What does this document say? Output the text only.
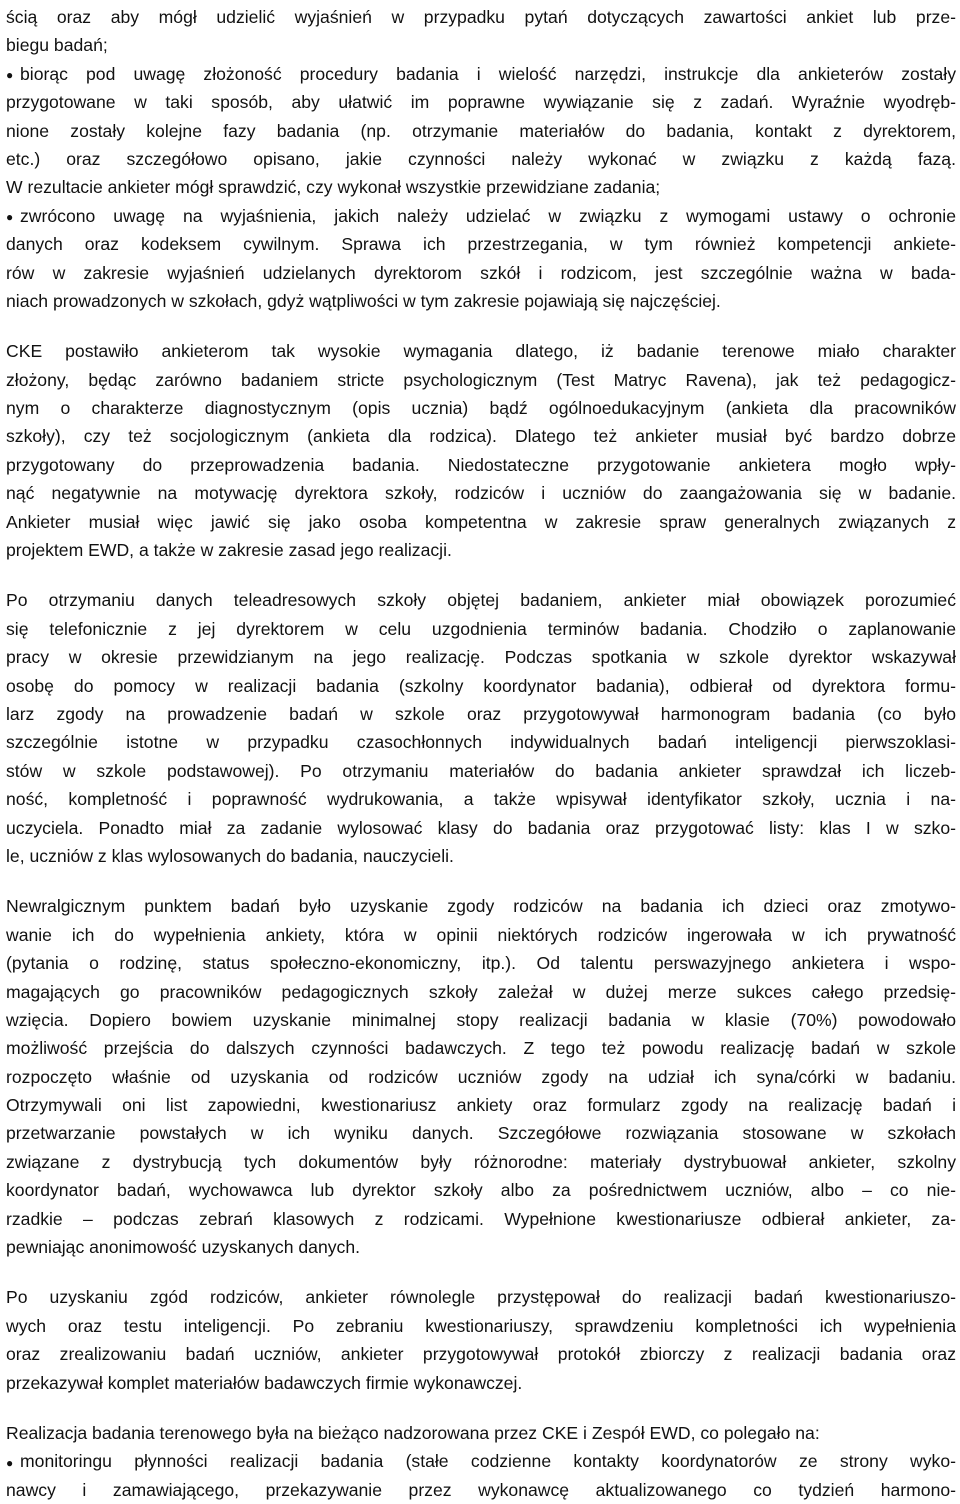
ścią oraz aby mógł udzielić wyjaśnień w przypadku pytań dotyczących zawartości ankiet lub prze-
biegu badań;
● biorąc pod uwagę złożoność procedury badania i wielość narzędzi, instrukcje dla ankieterów zostały
przygotowane w taki sposób, aby ułatwić im poprawne wywiązanie się z zadań. Wyraźnie wyodręb-
nione zostały kolejne fazy badania (np. otrzymanie materiałów do badania, kontakt z dyrektorem,
etc.) oraz szczegółowo opisano, jakie czynności należy wykonać w związku z każdą fazą.
W rezultacie ankieter mógł sprawdzić, czy wykonał wszystkie przewidziane zadania;
● zwrócono uwagę na wyjaśnienia, jakich należy udzielać w związku z wymogami ustawy o ochronie
danych oraz kodeksem cywilnym. Sprawa ich przestrzegania, w tym również kompetencji ankiete-
rów w zakresie wyjaśnień udzielanych dyrektorom szkół i rodzicom, jest szczególnie ważna w bada-
niach prowadzonych w szkołach, gdyż wątpliwości w tym zakresie pojawiają się najczęściej.
CKE postawiło ankieterom tak wysokie wymagania dlatego, iż badanie terenowe miało charakter
złożony, będąc zarówno badaniem stricte psychologicznym (Test Matryc Ravena), jak też pedagogicz-
nym o charakterze diagnostycznym (opis ucznia) bądź ogólnoedukacyjnym (ankieta dla pracowników
szkoły), czy też socjologicznym (ankieta dla rodzica). Dlatego też ankieter musiał być bardzo dobrze
przygotowany do przeprowadzenia badania. Niedostateczne przygotowanie ankietera mogło wpły-
nąć negatywnie na motywację dyrektora szkoły, rodziców i uczniów do zaangażowania się w badanie.
Ankieter musiał więc jawić się jako osoba kompetentna w zakresie spraw generalnych związanych z
projektem EWD, a także w zakresie zasad jego realizacji.
Po otrzymaniu danych teleadresowych szkoły objętej badaniem, ankieter miał obowiązek porozumieć
się telefonicznie z jej dyrektorem w celu uzgodnienia terminów badania. Chodziło o zaplanowanie
pracy w okresie przewidzianym na jego realizację. Podczas spotkania w szkole dyrektor wskazywał
osobę do pomocy w realizacji badania (szkolny koordynator badania), odbierał od dyrektora formu-
larz zgody na prowadzenie badań w szkole oraz przygotowywał harmonogram badania (co było
szczególnie istotne w przypadku czasochłonnych indywidualnych badań inteligencji pierwszoklasi-
stów w szkole podstawowej). Po otrzymaniu materiałów do badania ankieter sprawdzał ich liczeb-
ność, kompletność i poprawność wydrukowania, a także wpisywał identyfikator szkoły, ucznia i na-
uczyciela. Ponadto miał za zadanie wylosować klasy do badania oraz przygotować listy: klas I w szko-
le, uczniów z klas wylosowanych do badania, nauczycieli.
Newralgicznym punktem badań było uzyskanie zgody rodziców na badania ich dzieci oraz zmotywo-
wanie ich do wypełnienia ankiety, która w opinii niektórych rodziców ingerowała w ich prywatność
(pytania o rodzinę, status społeczno-ekonomiczny, itp.). Od talentu perswazyjnego ankietera i wspo-
magających go pracowników pedagogicznych szkoły zależał w dużej merze sukces całego przedsię-
wzięcia. Dopiero bowiem uzyskanie minimalnej stopy realizacji badania w klasie (70%) powodowało
możliwość przejścia do dalszych czynności badawczych. Z tego też powodu realizację badań w szkole
rozpoczęto właśnie od uzyskania od rodziców uczniów zgody na udział ich syna/córki w badaniu.
Otrzymywali oni list zapowiedni, kwestionariusz ankiety oraz formularz zgody na realizację badań i
przetwarzanie powstałych w ich wyniku danych. Szczegółowe rozwiązania stosowane w szkołach
związane z dystrybucją tych dokumentów były różnorodne: materiały dystrybuował ankieter, szkolny
koordynator badań, wychowawca lub dyrektor szkoły albo za pośrednictwem uczniów, albo – co nie-
rzadkie – podczas zebrań klasowych z rodzicami. Wypełnione kwestionariusze odbierał ankieter, za-
pewniając anonimowość uzyskanych danych.
Po uzyskaniu zgód rodziców, ankieter równolegle przystępował do realizacji badań kwestionariuszo-
wych oraz testu inteligencji. Po zebraniu kwestionariuszy, sprawdzeniu kompletności ich wypełnienia
oraz zrealizowaniu badań uczniów, ankieter przygotowywał protokół zbiorczy z realizacji badania oraz
przekazywał komplet materiałów badawczych firmie wykonawczej.
Realizacja badania terenowego była na bieżąco nadzorowana przez CKE i Zespół EWD, co polegało na:
● monitoringu płynności realizacji badania (stałe codzienne kontakty koordynatorów ze strony wyko-
nawcy i zamawiającego, przekazywanie przez wykonawcę aktualizowanego co tydzień harmono-
